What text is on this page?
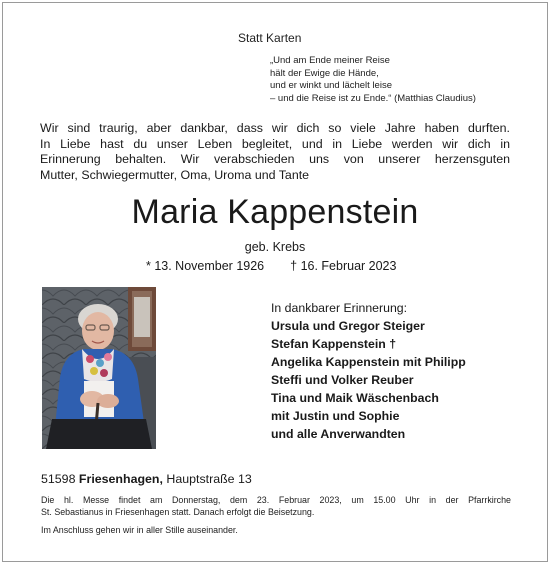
Statt Karten
„Und am Ende meiner Reise
hält der Ewige die Hände,
und er winkt und lächelt leise
– und die Reise ist zu Ende.“ (Matthias Claudius)
Wir sind traurig, aber dankbar, dass wir dich so viele Jahre haben durften.
In Liebe hast du unser Leben begleitet, und in Liebe werden wir dich in
Erinnerung behalten. Wir verabschieden uns von unserer herzensguten
Mutter, Schwiegermutter, Oma, Uroma und Tante
Maria Kappenstein
geb. Krebs
* 13. November 1926 † 16. Februar 2023
In dankbarer Erinnerung:
Ursula und Gregor Steiger
Stefan Kappenstein †
Angelika Kappenstein mit Philipp
Steffi und Volker Reuber
Tina und Maik Wäschenbach
mit Justin und Sophie
und alle Anverwandten
51598 Friesenhagen, Hauptstraße 13
Die hl. Messe findet am Donnerstag, dem 23. Februar 2023, um 15.00 Uhr in der Pfarrkirche
St. Sebastianus in Friesenhagen statt. Danach erfolgt die Beisetzung.
Im Anschluss gehen wir in aller Stille auseinander.
